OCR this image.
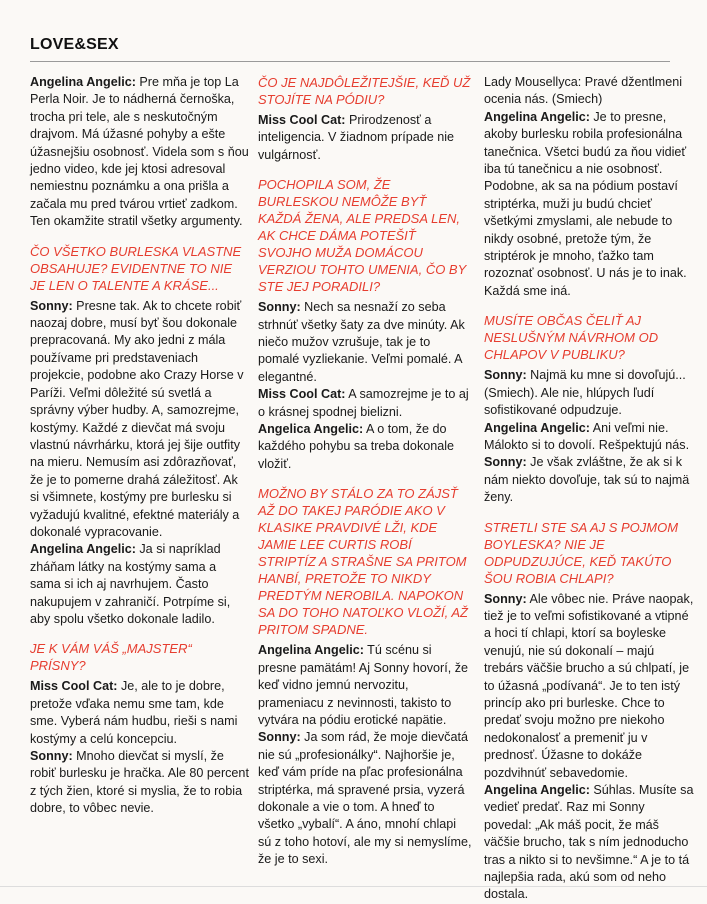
LOVE&SEX

Angelina Angelic: Pre mňa je top La Perla Noir. Je to nádherná černoška, trocha pri tele, ale s neskutočným drajvom. Má úžasné pohyby a ešte úžasnejšiu osobnosť. Videla som s ňou jedno video, kde jej ktosi adresoval nemiestnu poznámku a ona prišla a začala mu pred tvárou vrtieť zadkom. Ten okamžite stratil všetky argumenty.

ČO VŠETKO BURLESKA VLASTNE OBSAHUJE? EVIDENTNE TO NIE JE LEN O TALENTE A KRÁSE...

Sonny: Presne tak. Ak to chcete robiť naozaj dobre, musí byť šou dokonale prepracovaná. My ako jedni z mála používame pri predstaveniach projekcie, podobne ako Crazy Horse v Paríži. Veľmi dôležité sú svetlá a správny výber hudby. A, samozrejme, kostýmy. Každé z dievčat má svoju vlastnú návrhárku, ktorá jej šije outfity na mieru. Nemusím asi zdôrazňovať, že je to pomerne drahá záležitosť. Ak si všimnete, kostýmy pre burlesku si vyžadujú kvalitné, efektné materiály a dokonalé vypracovanie.

Angelina Angelic: Ja si napríklad zháňam látky na kostýmy sama a sama si ich aj navrhujem. Často nakupujem v zahraničí. Potrpíme si, aby spolu všetko dokonale ladilo.

JE K VÁM VÁŠ „MAJSTER“ PRÍSNY?

Miss Cool Cat: Je, ale to je dobre, pretože vďaka nemu sme tam, kde sme. Vyberá nám hudbu, rieši s nami kostýmy a celú koncepciu.

Sonny: Mnoho dievčat si myslí, že robiť burlesku je hračka. Ale 80 percent z tých žien, ktoré si myslia, že to robia dobre, to vôbec nevie.

ČO JE NAJDÔLEŽITEJŠIE, KEĎ UŽ STOJÍTE NA PÓDIU?

Miss Cool Cat: Prirodzenosť a inteligencia. V žiadnom prípade nie vulgárnosť.

POCHOPILA SOM, ŽE BURLESKOU NEMÔŽE BYŤ KAŽDÁ ŽENA, ALE PREDSA LEN, AK CHCE DÁMA POTEŠIŤ SVOJHO MUŽA DOMÁCOU VERZIOU TOHTO UMENIA, ČO BY STE JEJ PORADILI?

Sonny: Nech sa nesnaží zo seba strhnúť všetky šaty za dve minúty. Ak niečo mužov vzrušuje, tak je to pomalé vyzliekanie. Veľmi pomalé. A elegantné.

Miss Cool Cat: A samozrejme je to aj o krásnej spodnej bielizni.

Angelica Angelic: A o tom, že do každého pohybu sa treba dokonale vložiť.

MOŽNO BY STÁLO ZA TO ZÁJSŤ AŽ DO TAKEJ PARÓDIE AKO V KLASIKE PRAVDIVÉ LŽI, KDE JAMIE LEE CURTIS ROBÍ STRIPTÍZ A STRAŠNE SA PRITOM HANBÍ, PRETOŽE TO NIKDY PREDTÝM NEROBILA. NAPOKON SA DO TOHO NATOĽKO VLOŽÍ, AŽ PRITOM SPADNE.

Angelina Angelic: Tú scénu si presne pamätám! Aj Sonny hovorí, že keď vidno jemnú nervozitu, prameniacu z nevinnosti, takisto to vytvára na pódiu erotické napätie.

Sonny: Ja som rád, že moje dievčatá nie sú „profesionálky“. Najhoršie je, keď vám príde na pľac profesionálna striptérka, má spravené prsia, vyzerá dokonale a vie o tom. A hneď to všetko „vybalí“. A áno, mnohí chlapi sú z toho hotoví, ale my si nemyslíme, že je to sexi.

Lady Mouselly​ca: Pravé džentlmeni ocenia nás. (Smiech)

Angelina Angelic: Je to presne, akoby burlesku robila profesionálna tanečnica. Všetci budú za ňou vidieť iba tú tanečnicu a nie osobnosť. Podobne, ak sa na pódium postaví striptérka, muži ju budú chcieť všetkými zmyslami, ale nebude to nikdy osobné, pretože tým, že striptérok je mnoho, ťažko tam rozoznať osobnosť. U nás je to inak. Každá sme iná.

MUSÍTE OBČAS ČELIŤ AJ NESLUŠNÝM NÁVRHOM OD CHLAPOV V PUBLIKU?

Sonny: Najmä ku mne si dovoľujú...(Smiech). Ale nie, hlúpych ľudí sofistikované odpudzuje.

Angelina Angelic: Ani veľmi nie. Málokto si to dovolí. Rešpektujú nás.

Sonny: Je však zvláštne, že ak si k nám niekto dovoľuje, tak sú to najmä ženy.

STRETLI STE SA AJ S POJMOM BOYLESKA? NIE JE ODPUDZUJÚCE, KEĎ TAKÚTO ŠOU ROBIA CHLAPI?

Sonny: Ale vôbec nie. Práve naopak, tiež je to veľmi sofistikované a vtipné a hoci tí chlapi, ktorí sa boyleske venujú, nie sú dokonalí – majú trebárs väčšie brucho a sú chlpatí, je to úžasná „podívaná“. Je to ten istý princíp ako pri burleske. Chce to predať svoju možno pre niekoho nedokonalosť a premeniť ju v prednosť. Úžasne to dokáže pozdvihnúť sebavedomie.

Angelina Angelic: Súhlas. Musíte sa vedieť predať. Raz mi Sonny povedal: „Ak máš pocit, že máš väčšie brucho, tak s ním jednoducho tras a nikto si to nevšimne.“ A je to tá najlepšia rada, akú som od neho dostala.
